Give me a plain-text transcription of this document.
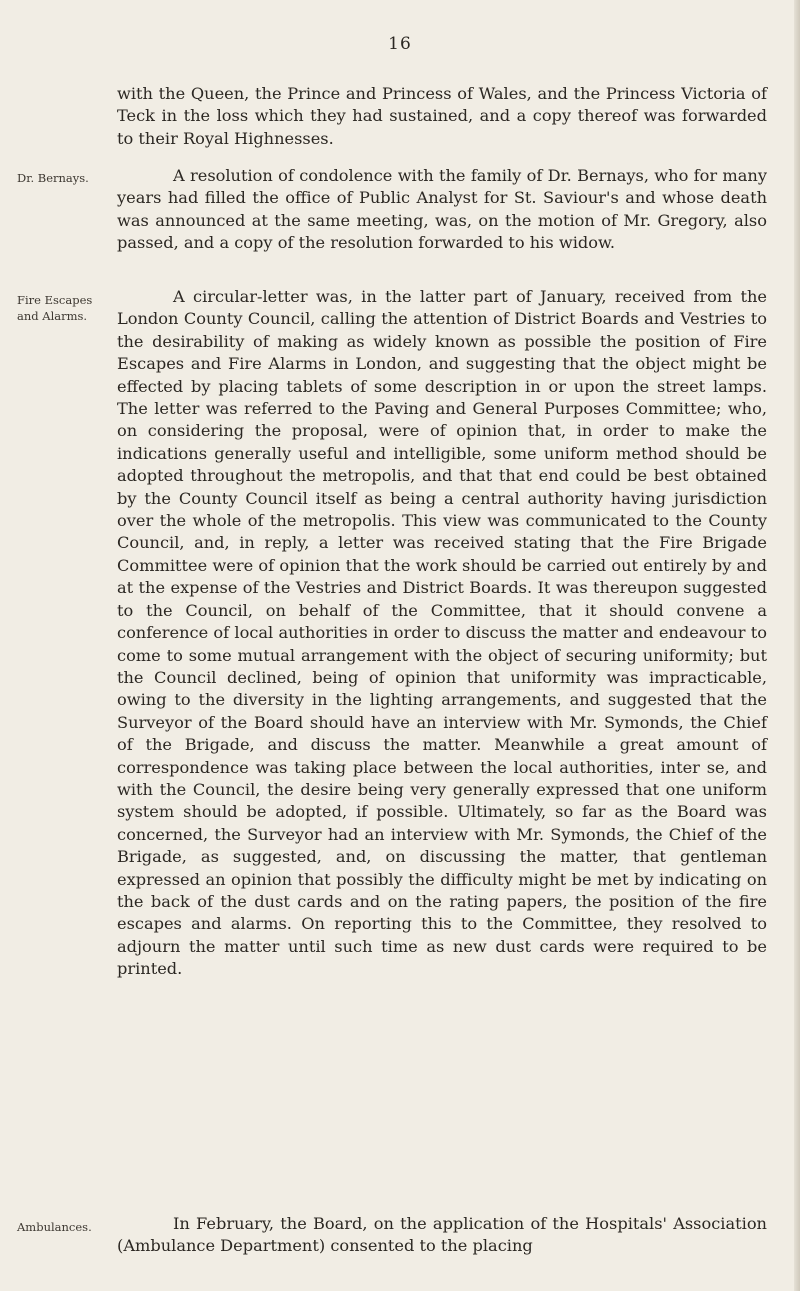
16

with the Queen, the Prince and Princess of Wales, and the Princess Victoria of Teck in the loss which they had sustained, and a copy thereof was forwarded to their Royal Highnesses.

Dr. Bernays.	A resolution of condolence with the family of Dr. Bernays, who for many years had filled the office of Public Analyst for St. Saviour's and whose death was announced at the same meeting, was, on the motion of Mr. Gregory, also passed, and a copy of the resolution forwarded to his widow.

Fire Escapes and Alarms.

A circular-letter was, in the latter part of January, received from the London County Council, calling the attention of District Boards and Vestries to the desirability of making as widely known as possible the position of Fire Escapes and Fire Alarms in London, and suggesting that the object might be effected by placing tablets of some description in or upon the street lamps. The letter was referred to the Paving and General Purposes Committee; who, on considering the proposal, were of opinion that, in order to make the indications generally useful and intelligible, some uniform method should be adopted throughout the metropolis, and that that end could be best obtained by the County Council itself as being a central authority having jurisdiction over the whole of the metropolis. This view was communicated to the County Council, and, in reply, a letter was received stating that the Fire Brigade Committee were of opinion that the work should be carried out entirely by and at the expense of the Vestries and District Boards. It was thereupon suggested to the Council, on behalf of the Committee, that it should convene a conference of local authorities in order to discuss the matter and endeavour to come to some mutual arrangement with the object of securing uniformity; but the Council declined, being of opinion that uniformity was impracticable, owing to the diversity in the lighting arrangements, and suggested that the Surveyor of the Board should have an interview with Mr. Symonds, the Chief of the Brigade, and discuss the matter. Meanwhile a great amount of correspondence was taking place between the local authorities, inter se, and with the Council, the desire being very generally expressed that one uniform system should be adopted, if possible. Ultimately, so far as the Board was concerned, the Surveyor had an interview with Mr. Symonds, the Chief of the Brigade, as suggested, and, on discussing the matter, that gentleman expressed an opinion that possibly the difficulty might be met by indicating on the back of the dust cards and on the rating papers, the position of the fire escapes and alarms. On reporting this to the Committee, they resolved to adjourn the matter until such time as new dust cards were required to be printed.

Ambulances.	In February, the Board, on the application of the Hospitals' Association (Ambulance Department) consented to the placing
